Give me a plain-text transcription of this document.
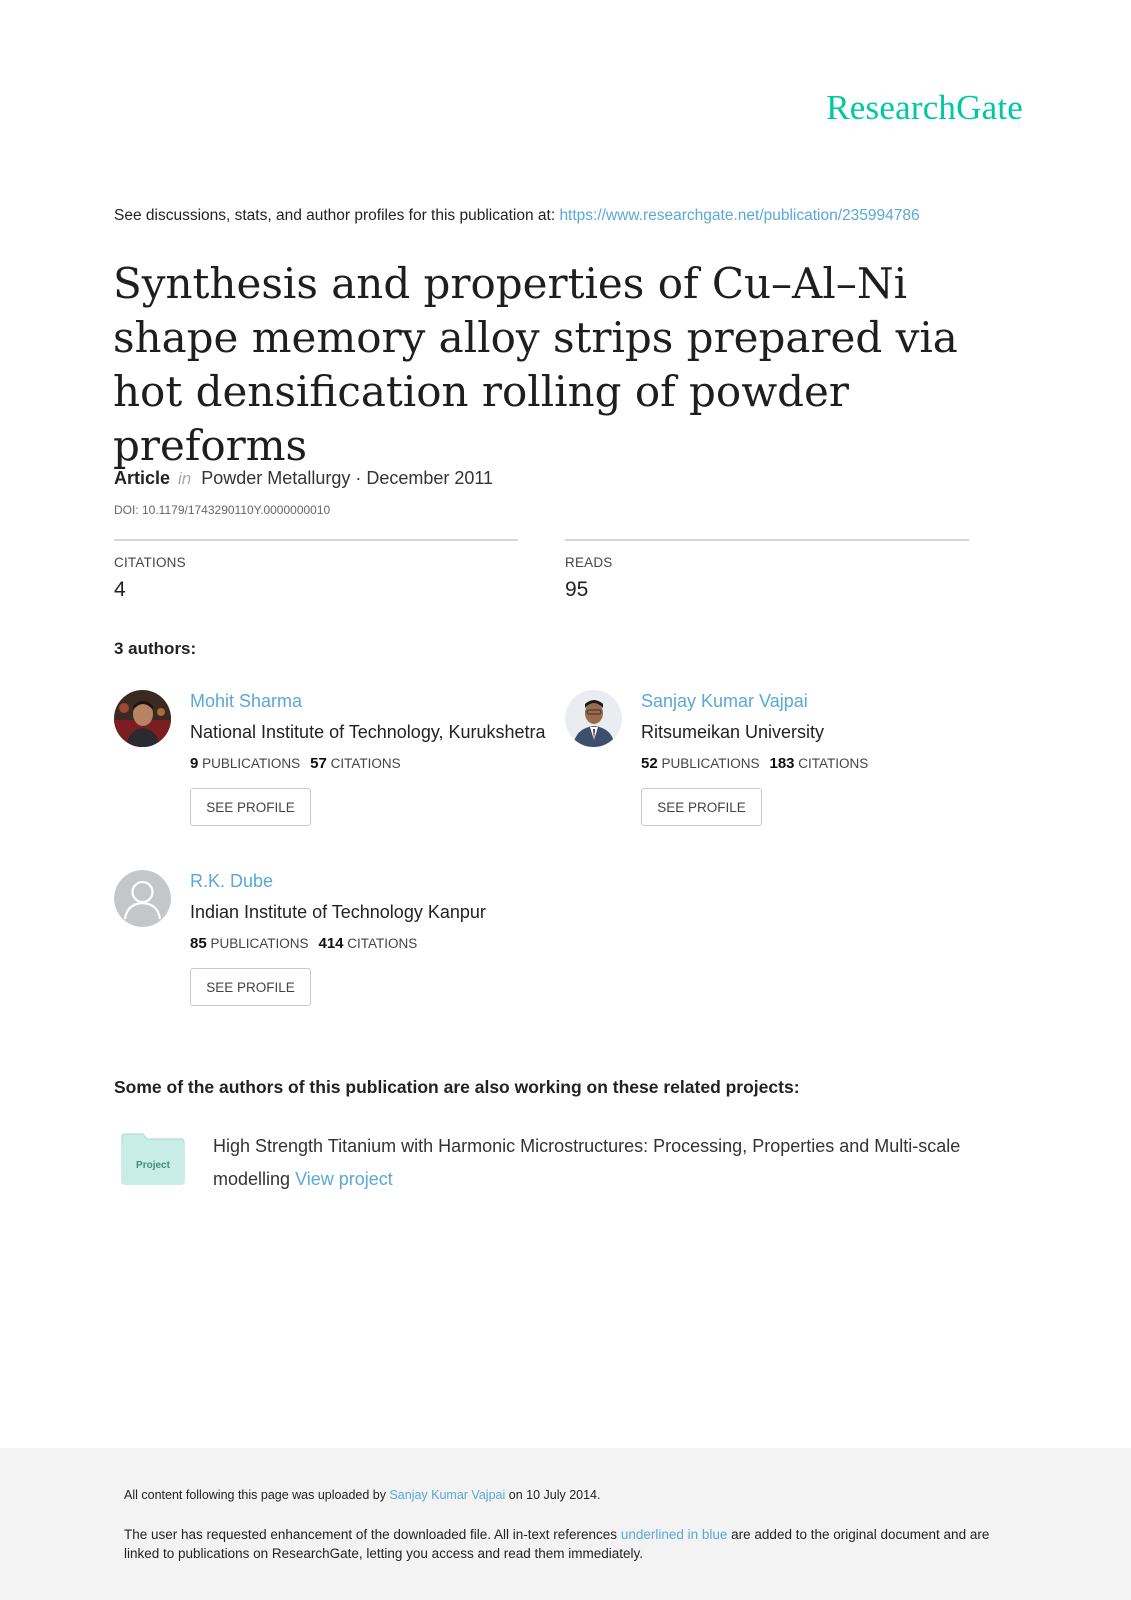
ResearchGate
See discussions, stats, and author profiles for this publication at: https://www.researchgate.net/publication/235994786
Synthesis and properties of Cu–Al–Ni shape memory alloy strips prepared via hot densification rolling of powder preforms
Article in Powder Metallurgy · December 2011
DOI: 10.1179/1743290110Y.0000000010
CITATIONS
4
READS
95
3 authors:
Mohit Sharma
National Institute of Technology, Kurukshetra
9 PUBLICATIONS 57 CITATIONS
SEE PROFILE
Sanjay Kumar Vajpai
Ritsumeikan University
52 PUBLICATIONS 183 CITATIONS
SEE PROFILE
R.K. Dube
Indian Institute of Technology Kanpur
85 PUBLICATIONS 414 CITATIONS
SEE PROFILE
Some of the authors of this publication are also working on these related projects:
Project
High Strength Titanium with Harmonic Microstructures: Processing, Properties and Multi-scale modelling View project
All content following this page was uploaded by Sanjay Kumar Vajpai on 10 July 2014.
The user has requested enhancement of the downloaded file. All in-text references underlined in blue are added to the original document and are linked to publications on ResearchGate, letting you access and read them immediately.
